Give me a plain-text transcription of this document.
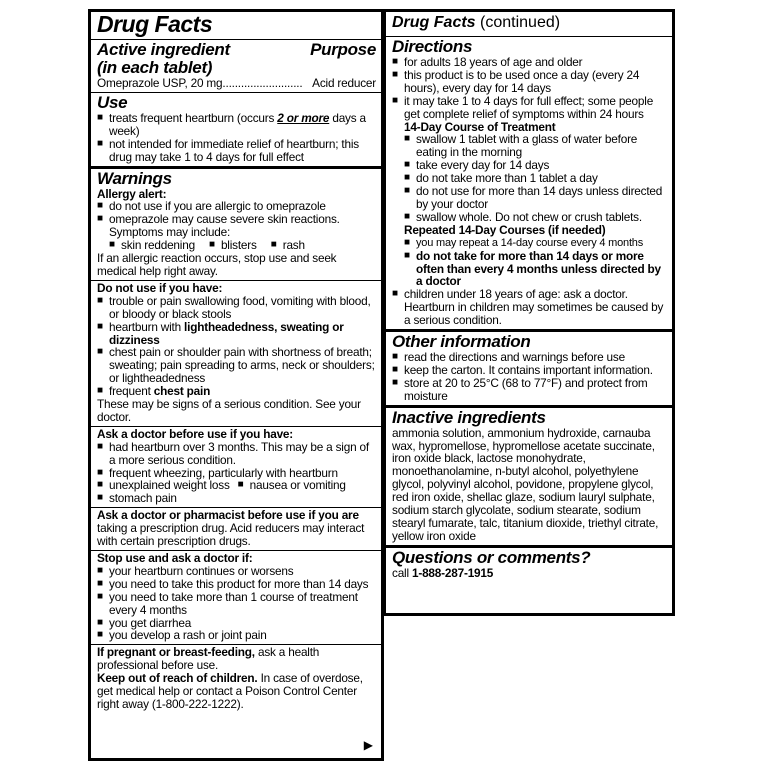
Drug Facts
Active ingredient	Purpose
(in each tablet)
Omeprazole USP, 20 mg .......................... Acid reducer
Use
■ treats frequent heartburn (occurs 2 or more days a week)
■ not intended for immediate relief of heartburn; this drug may take 1 to 4 days for full effect
Warnings
Allergy alert:
■ do not use if you are allergic to omeprazole
■ omeprazole may cause severe skin reactions. Symptoms may include:
■ skin reddening	■ blisters	■ rash
If an allergic reaction occurs, stop use and seek medical help right away.
Do not use if you have:
■ trouble or pain swallowing food, vomiting with blood, or bloody or black stools
■ heartburn with lightheadedness, sweating or dizziness
■ chest pain or shoulder pain with shortness of breath; sweating; pain spreading to arms, neck or shoulders; or lightheadedness
■ frequent chest pain
These may be signs of a serious condition. See your doctor.
Ask a doctor before use if you have:
■ had heartburn over 3 months. This may be a sign of a more serious condition.
■ frequent wheezing, particularly with heartburn
■ unexplained weight loss	■ nausea or vomiting
■ stomach pain
Ask a doctor or pharmacist before use if you are
taking a prescription drug. Acid reducers may interact with certain prescription drugs.
Stop use and ask a doctor if:
■ your heartburn continues or worsens
■ you need to take this product for more than 14 days
■ you need to take more than 1 course of treatment every 4 months
■ you get diarrhea
■ you develop a rash or joint pain
If pregnant or breast-feeding, ask a health professional before use.
Keep out of reach of children. In case of overdose, get medical help or contact a Poison Control Center right away (1-800-222-1222).
▶
Drug Facts (continued)
Directions
■ for adults 18 years of age and older
■ this product is to be used once a day (every 24 hours), every day for 14 days
■ it may take 1 to 4 days for full effect; some people get complete relief of symptoms within 24 hours
14-Day Course of Treatment
■ swallow 1 tablet with a glass of water before eating in the morning
■ take every day for 14 days
■ do not take more than 1 tablet a day
■ do not use for more than 14 days unless directed by your doctor
■ swallow whole. Do not chew or crush tablets.
Repeated 14-Day Courses (if needed)
■ you may repeat a 14-day course every 4 months
■ do not take for more than 14 days or more often than every 4 months unless directed by a doctor
■ children under 18 years of age: ask a doctor. Heartburn in children may sometimes be caused by a serious condition.
Other information
■ read the directions and warnings before use
■ keep the carton. It contains important information.
■ store at 20 to 25°C (68 to 77°F) and protect from moisture
Inactive ingredients
ammonia solution, ammonium hydroxide, carnauba wax, hypromellose, hypromellose acetate succinate, iron oxide black, lactose monohydrate, monoethanolamine, n-butyl alcohol, polyethylene glycol, polyvinyl alcohol, povidone, propylene glycol, red iron oxide, shellac glaze, sodium lauryl sulphate, sodium starch glycolate, sodium stearate, sodium stearyl fumarate, talc, titanium dioxide, triethyl citrate, yellow iron oxide
Questions or comments?
call 1-888-287-1915
